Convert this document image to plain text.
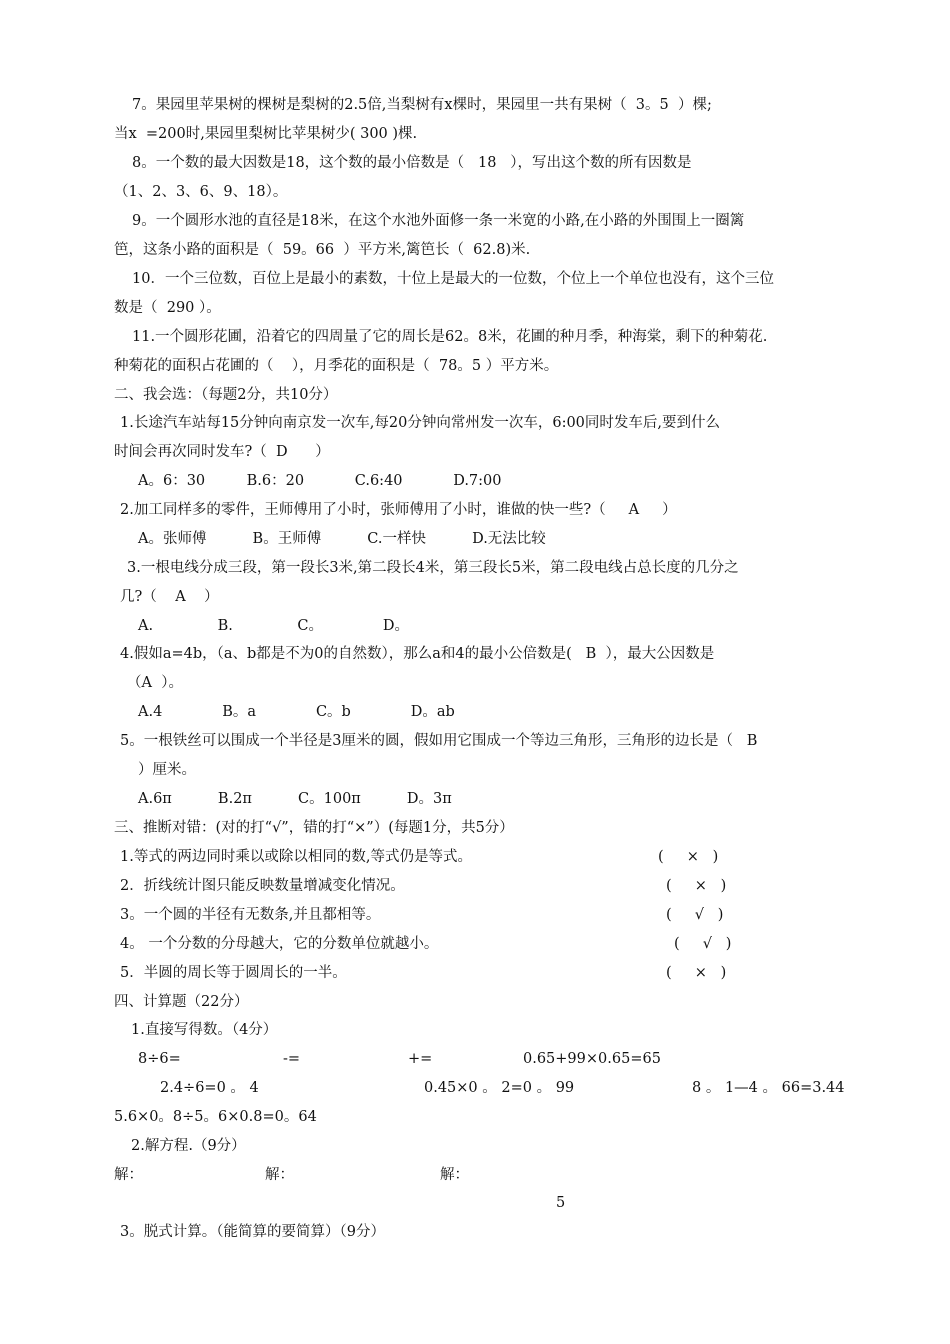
7。果园里苹果树的棵树是梨树的2.5倍,当梨树有x棵时，果园里一共有果树（  3。5  ）棵;
当x  =200时,果园里梨树比苹果树少( 300 )棵.
8。一个数的最大因数是18，这个数的最小倍数是（   18   ），写出这个数的所有因数是
（1、2、3、6、9、18）。
9。一个圆形水池的直径是18米，在这个水池外面修一条一米宽的小路,在小路的外围围上一圈篱
笆，这条小路的面积是（  59。66  ）平方米,篱笆长（  62.8)米.
10．一个三位数，百位上是最小的素数，十位上是最大的一位数，个位上一个单位也没有，这个三位
数是（  290 ）。
11.一个圆形花圃，沿着它的四周量了它的周长是62。8米，花圃的种月季，种海棠，剩下的种菊花.
种菊花的面积占花圃的（    ），月季花的面积是（  78。5 ）平方米。
二、我会选：（每题2分，共10分）
1.长途汽车站每15分钟向南京发一次车,每20分钟向常州发一次车，6:00同时发车后,要到什么
时间会再次同时发车?（  D      ）
A。6：30         B.6：20           C.6:40           D.7:00
2.加工同样多的零件，王师傅用了小时，张师傅用了小时，谁做的快一些?（     A     ）
A。张师傅          B。王师傅          C.一样快          D.无法比较
3.一根电线分成三段，第一段长3米,第二段长4米，第三段长5米，第二段电线占总长度的几分之
几?（    A    ）
A.              B.              C。             D。
4.假如a=4b，（a、b都是不为0的自然数），那么a和4的最小公倍数是(   B  ），最大公因数是
（A  ）。
A.4             B。a             C。b             D。ab
5。一根铁丝可以围成一个半径是3厘米的圆，假如用它围成一个等边三角形，三角形的边长是（   B
）厘米。
A.6π          B.2π          C。100π          D。3π
三、推断对错：(对的打“√”，错的打“×”）(每题1分，共5分）
1.等式的两边同时乘以或除以相同的数,等式仍是等式。	(     ×   )
2．折线统计图只能反映数量增减变化情况。	(     ×   )
3。一个圆的半径有无数条,并且都相等。	(     √   )
4。 一个分数的分母越大，它的分数单位就越小。	(     √   )
5．半圆的周长等于圆周长的一半。	(     ×   )
四、计算题（22分）
1.直接写得数。（4分）
8÷6=	-=	+=	0.65+99×0.65=65
2.4÷6=0 。 4	0.45×0 。 2=0 。 99	8 。 1—4 。 66=3.44
5.6×0。8÷5。6×0.8=0。64
2.解方程.（9分）
解：	解：	解：
5
3。脱式计算。（能简算的要简算）（9分）
